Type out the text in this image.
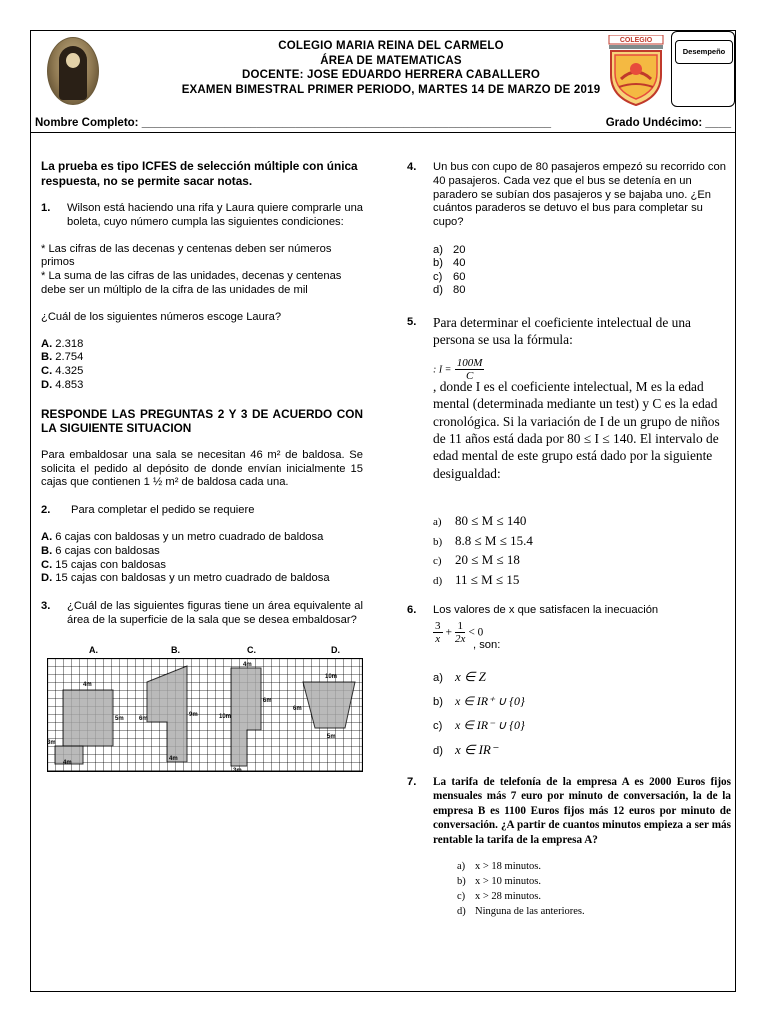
COLEGIO MARIA REINA DEL CARMELO
ÁREA DE MATEMATICAS
DOCENTE: JOSE EDUARDO HERRERA CABALLERO
EXAMEN BIMESTRAL PRIMER PERIODO, MARTES 14 DE MARZO DE 2019
COLEGIO
Desempeño
Nombre Completo: ________________________________________________________________	Grado Undécimo: ____

La prueba es tipo ICFES de selección múltiple con única respuesta, no se permite sacar notas.

1. Wilson está haciendo una rifa y Laura quiere comprarle una boleta, cuyo número cumpla las siguientes condiciones:

* Las cifras de las decenas y centenas deben ser números primos

* La suma de las cifras de las unidades, decenas y centenas debe ser un múltiplo de la cifra de las unidades de mil

¿Cuál de los siguientes números escoge Laura?

A. 2.318

B. 2.754

C. 4.325

D. 4.853

RESPONDE LAS PREGUNTAS 2 Y 3 DE ACUERDO CON LA SIGUIENTE SITUACION

Para embaldosar una sala se necesitan 46 m² de baldosa. Se solicita el pedido al depósito de donde envían inicialmente 15 cajas que contienen 1 ½ m² de baldosa cada una.

2. Para completar el pedido se requiere

A. 6 cajas con baldosas y un metro cuadrado de baldosa

B. 6 cajas con baldosas

C. 15 cajas con baldosas

D. 15 cajas con baldosas y un metro cuadrado de baldosa

3. ¿Cuál de las siguientes figuras tiene un área equivalente al área de la superficie de la sala que se desea embaldosar?

A.	B.	C.	D.
4m
5m
3m
4m
6m
9m
4m
4m
6m
10m
3m
10m
6m
5m
4. Un bus con cupo de 80 pasajeros empezó su recorrido con 40 pasajeros. Cada vez que el bus se detenía en un paradero se subían dos pasajeros y se bajaba uno. ¿En cuántos paraderos se detuvo el bus para completar su cupo?

a) 20

b) 40

c) 60

d) 80

5. Para determinar el coeficiente intelectual de una persona se usa la fórmula:

: $I = \frac{100M}{C}$

, donde I es el coeficiente intelectual, M es la edad mental (determinada mediante un test) y C es la edad cronológica. Si la variación de I de un grupo de niños de 11 años está dada por 80 ≤ I ≤ 140. El intervalo de edad mental de este grupo está dado por la siguiente desigualdad:

a) 80 ≤ M ≤ 140

b) 8.8 ≤ M ≤ 15.4

c) 20 ≤ M ≤ 18

d) 11 ≤ M ≤ 15

6. Los valores de x que satisfacen la inecuación

$\frac{3}{x} + \frac{1}{2x} < 0$

, son:

a) x ∈ Z

b) x ∈ IR⁺ ∪ {0}

c) x ∈ IR⁻ ∪ {0}

d) x ∈ IR⁻

7. La tarifa de telefonía de la empresa A es 2000 Euros fijos mensuales más 7 euro por minuto de conversación, la de la empresa B es 1100 Euros fijos más 12 euros por minuto de conversación. ¿A partir de cuantos minutos empieza a ser más rentable la tarifa de la empresa A?

a) x > 18 minutos.

b) x > 10 minutos.

c) x > 28 minutos.

d) Ninguna de las anteriores.
